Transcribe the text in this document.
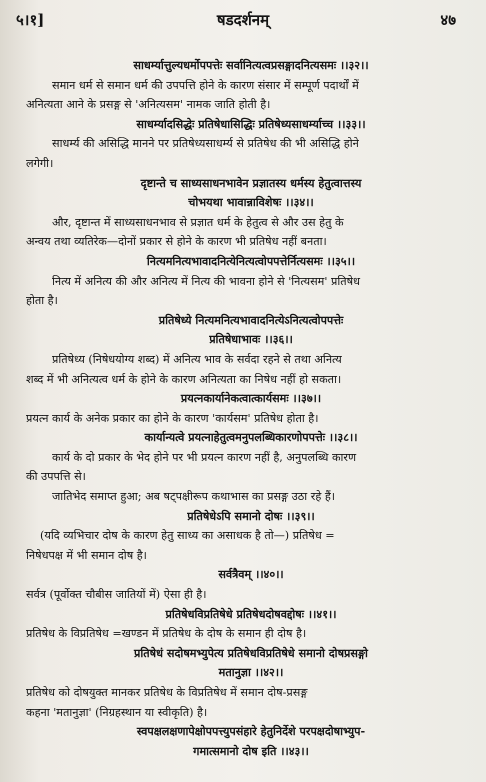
५।१]	षडदर्शनम्	४७
साधर्म्यात्तुल्यधर्मोपपत्तेः सर्वानित्यत्वप्रसङ्गादनित्यसमः ।।३२।।
समान धर्म से समान धर्म की उपपत्ति होने के कारण संसार में सम्पूर्ण पदार्थों में
अनित्यता आने के प्रसङ्ग से 'अनित्यसम' नामक जाति होती है।
साधर्म्यादसिद्धेः प्रतिषेधासिद्धिः प्रतिषेध्यसाधर्म्याच्च ।।३३।।
साधर्म्य की असिद्धि मानने पर प्रतिषेध्यसाधर्म्य से प्रतिषेध की भी असिद्धि होने
लगेगी।
दृष्टान्ते च साध्यसाधनभावेन प्रज्ञातस्य धर्मस्य हेतुत्वात्तस्य
चोभयथा भावान्नाविशेषः ।।३४।।
और, दृष्टान्त में साध्यसाधनभाव से प्रज्ञात धर्म के हेतुत्व से और उस हेतु के
अन्वय तथा व्यतिरेक—दोनों प्रकार से होने के कारण भी प्रतिषेध नहीं बनता।
नित्यमनित्यभावादनित्येनित्यत्वोपपत्तेर्नित्यसमः ।।३५।।
नित्य में अनित्य की और अनित्य में नित्य की भावना होने से 'नित्यसम' प्रतिषेध
होता है।
प्रतिषेध्ये नित्यमनित्यभावादनित्येऽनित्यत्वोपपत्तेः
प्रतिषेधाभावः ।।३६।।
प्रतिषेध्य (निषेधयोग्य शब्द) में अनित्य भाव के सर्वदा रहने से तथा अनित्य
शब्द में भी अनित्यत्व धर्म के होने के कारण अनित्यता का निषेध नहीं हो सकता।
प्रयत्नकार्यानेकत्वात्कार्यसमः ।।३७।।
प्रयत्न कार्य के अनेक प्रकार का होने के कारण 'कार्यसम' प्रतिषेध होता है।
कार्यान्यत्वे प्रयत्नाहेतुत्वमनुपलब्धिकारणोपपत्तेः ।।३८।।
कार्य के दो प्रकार के भेद होने पर भी प्रयत्न कारण नहीं है, अनुपलब्धि कारण
की उपपत्ति से।
जातिभेद समाप्त हुआ; अब षट्पक्षीरूप कथाभास का प्रसङ्ग उठा रहे हैं।
प्रतिषेधेऽपि समानो दोषः ।।३९।।
(यदि व्यभिचार दोष के कारण हेतु साध्य का असाधक है तो—) प्रतिषेध =
निषेधपक्ष में भी समान दोष है।
सर्वत्रैवम् ।।४०।।
सर्वत्र (पूर्वोक्त चौबीस जातियों में) ऐसा ही है।
प्रतिषेधविप्रतिषेधे प्रतिषेधदोषवद्दोषः ।।४१।।
प्रतिषेध के विप्रतिषेध =खण्डन में प्रतिषेध के दोष के समान ही दोष है।
प्रतिषेधं सदोषमभ्युपेत्य प्रतिषेधविप्रतिषेधे समानो दोषप्रसङ्गो
मतानुज्ञा ।।४२।।
प्रतिषेध को दोषयुक्त मानकर प्रतिषेध के विप्रतिषेध में समान दोष-प्रसङ्ग
कहना 'मतानुज्ञा' (निग्रहस्थान या स्वीकृति) है।
स्वपक्षलक्षणापेक्षोपपत्त्युपसंहारे हेतुनिर्देशे परपक्षदोषाभ्युप-
गमात्समानो दोष इति ।।४३।।
